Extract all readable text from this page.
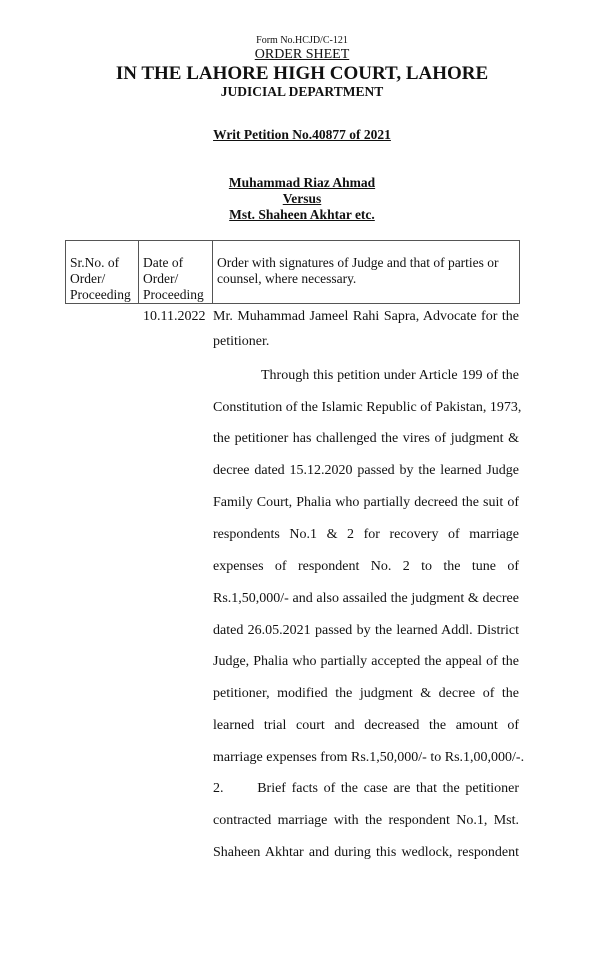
Form No.HCJD/C-121
ORDER SHEET
IN THE LAHORE HIGH COURT, LAHORE
JUDICIAL DEPARTMENT
Writ Petition No.40877 of 2021
Muhammad Riaz Ahmad
Versus
Mst. Shaheen Akhtar etc.
Sr.No. of Order/ Proceeding	Date of Order/ Proceeding	Order with signatures of Judge and that of parties or counsel, where necessary.
10.11.2022 Mr. Muhammad Jameel Rahi Sapra, Advocate for the
petitioner.
Through this petition under Article 199 of the
Constitution of the Islamic Republic of Pakistan, 1973,
the petitioner has challenged the vires of judgment &
decree dated 15.12.2020 passed by the learned Judge
Family Court, Phalia who partially decreed the suit of
respondents No.1 & 2 for recovery of marriage
expenses of respondent No. 2 to the tune of
Rs.1,50,000/- and also assailed the judgment & decree
dated 26.05.2021 passed by the learned Addl. District
Judge, Phalia who partially accepted the appeal of the
petitioner, modified the judgment & decree of the
learned trial court and decreased the amount of
marriage expenses from Rs.1,50,000/- to Rs.1,00,000/-.
2.      Brief facts of the case are that the petitioner
contracted marriage with the respondent No.1, Mst.
Shaheen Akhtar and during this wedlock, respondent
